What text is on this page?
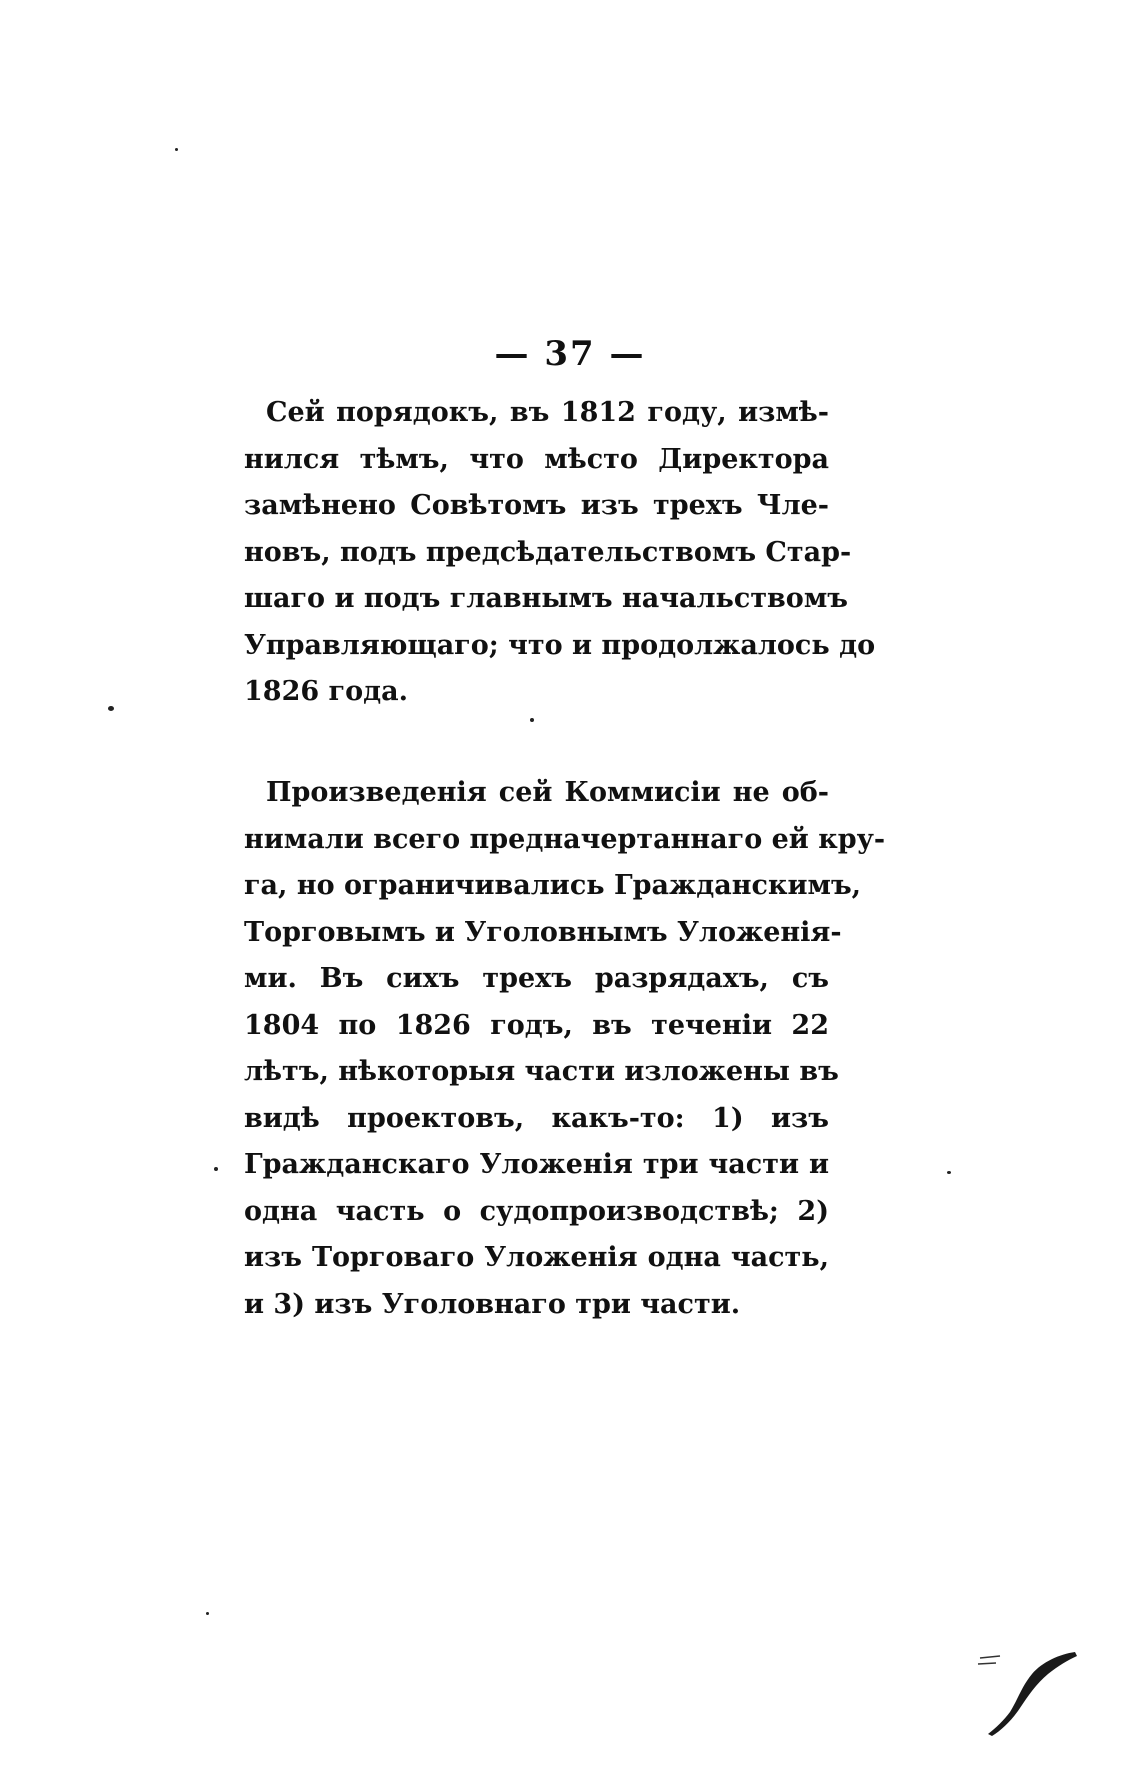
— 37 —
Сей порядокъ, въ 1812 году, измѣ-
нился тѣмъ, что мѣсто Директора
замѣнено Совѣтомъ изъ трехъ Чле-
новъ, подъ предсѣдательствомъ Стар-
шаго и подъ главнымъ начальствомъ
Управляющаго; что и продолжалось до
1826 года.
Произведенія сей Коммисіи не об-
нимали всего предначертаннаго ей кру-
га, но ограничивались Гражданскимъ,
Торговымъ и Уголовнымъ Уложенія-
ми. Въ сихъ трехъ разрядахъ, съ
1804 по 1826 годъ, въ теченіи 22
лѣтъ, нѣкоторыя части изложены въ
видѣ проектовъ, какъ-то: 1) изъ
Гражданскаго Уложенія три части и
одна часть о судопроизводствѣ; 2)
изъ Торговаго Уложенія одна часть,
и 3) изъ Уголовнаго три части.
